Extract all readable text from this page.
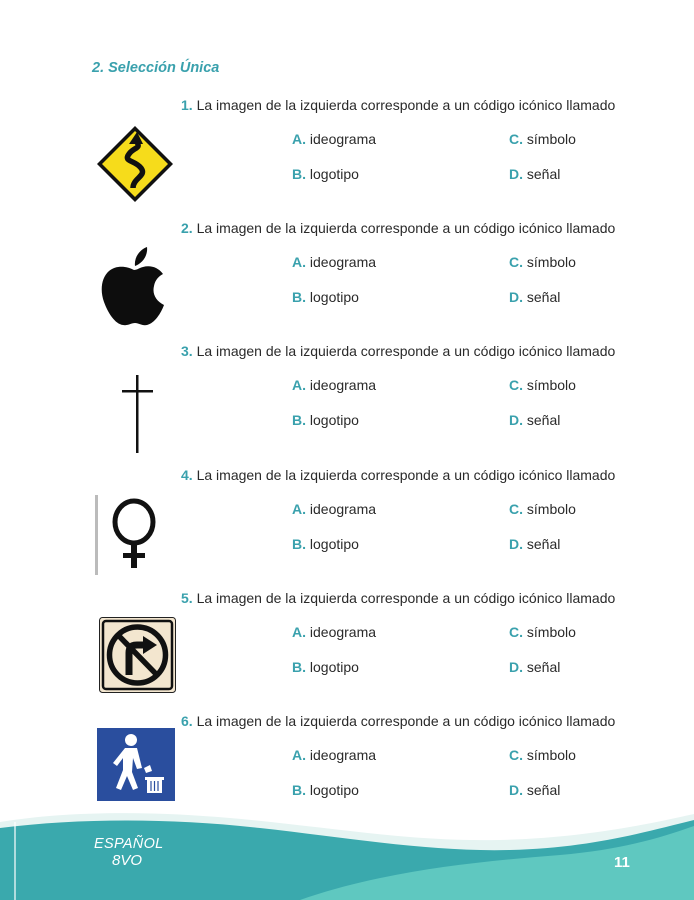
2. Selección Única
1. La imagen de la izquierda corresponde a un código icónico llamado
A. ideograma	C. símbolo
B. logotipo	D. señal
2. La imagen de la izquierda corresponde a un código icónico llamado
A. ideograma	C. símbolo
B. logotipo	D. señal
3. La imagen de la izquierda corresponde a un código icónico llamado
A. ideograma	C. símbolo
B. logotipo	D. señal
4. La imagen de la izquierda corresponde a un código icónico llamado
A. ideograma	C. símbolo
B. logotipo	D. señal
5. La imagen de la izquierda corresponde a un código icónico llamado
A. ideograma	C. símbolo
B. logotipo	D. señal
6. La imagen de la izquierda corresponde a un código icónico llamado
A. ideograma	C. símbolo
B. logotipo	D. señal
ESPAÑOL
8VO	11
